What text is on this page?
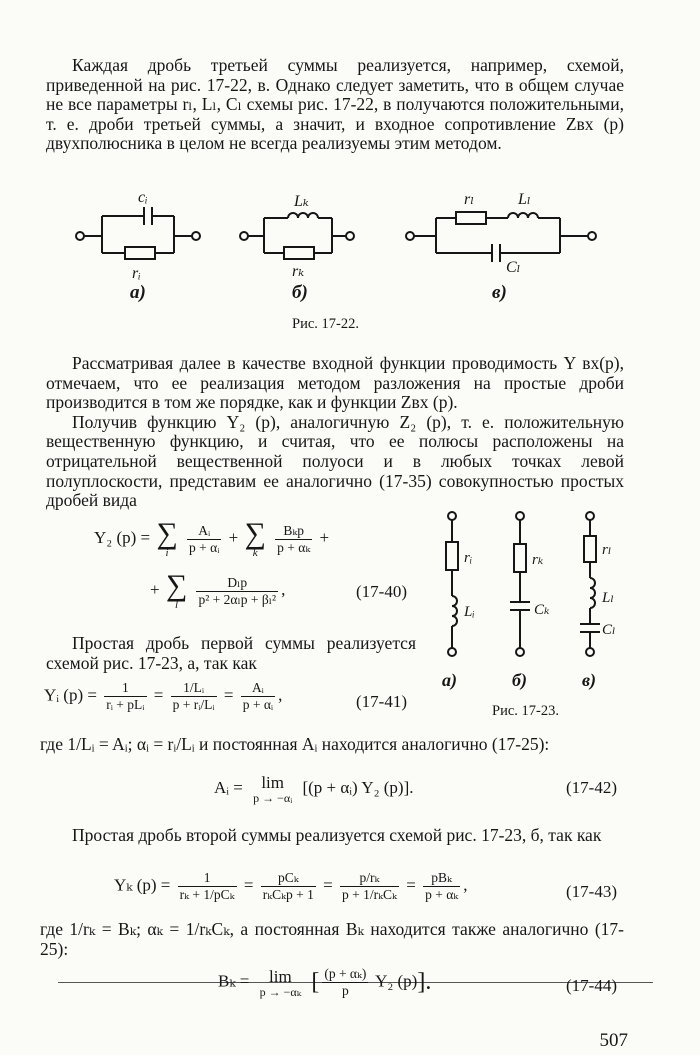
Каждая дробь третьей суммы реализуется, например, схемой, приведенной на рис. 17-22, в. Однако следует заметить, что в общем случае не все параметры rₗ, Lₗ, Cₗ схемы рис. 17-22, в получаются положительными, т. е. дроби третьей суммы, а значит, и входное сопротивление Zвх (p) двухполюсника в целом не всегда реализуемы этим методом.

cᵢ
rᵢ
Lₖ
rₖ
rₗ	Lₗ
Cₗ
а)	б)	в)
Рис. 17-22.

Рассматривая далее в качестве входной функции проводимость Y вх(p), отмечаем, что ее реализация методом разложения на простые дроби производится в том же порядке, как и функции Zвх (p).

Получив функцию Y₂ (p), аналогичную Z₂ (p), т. е. положительную вещественную функцию, и считая, что ее полюсы расположены на отрицательной вещественной полуоси и в любых точках левой полуплоскости, представим ее аналогично (17-35) совокупностью простых дробей вида

Y₂ (p) = ∑
i
	$\frac{\text{Aᵢ}}{\text{p + αᵢ}}$ + ∑
k
	$\frac{\text{Bₖp}}{\text{p + αₖ}}$ +
+ ∑
l
	$\frac{\text{Dₗp}}{\text{p² + 2αₗp + βₗ²}}$ ,	(17-40)
rᵢ
Lᵢ
rₖ
Cₖ
rₗ
Lₗ
Cₗ
а)	б)	в)
Рис. 17-23.

Простая дробь первой суммы реализуется схемой рис. 17-23, а, так как

Yᵢ $(p) = \frac{1}{\text{rᵢ + pLᵢ}} = \frac{\text{1/Lᵢ}}{\text{p + rᵢ/Lᵢ}} = \frac{\text{Aᵢ}}{\text{p + αᵢ}}$ ,	(17-41)

где 1/Lᵢ = Aᵢ; αᵢ = rᵢ/Lᵢ и постоянная Aᵢ находится аналогично (17-25):

Aᵢ =	lim
p → −αᵢ
[(p + αᵢ) Y₂ (p)].	(17-42)

Простая дробь второй суммы реализуется схемой рис. 17-23, б, так как

Yₖ $(p) = \frac{1}{\text{rₖ + 1/pCₖ}} = \frac{\text{pCₖ}}{\text{rₖCₖp + 1}} = \frac{\text{p/rₖ}}{\text{p + 1/rₖCₖ}} = \frac{\text{pBₖ}}{\text{p + αₖ}}$ ,	(17-43)

где 1/rₖ = Bₖ; αₖ = 1/rₖCₖ, а постоянная Bₖ находится также аналогично (17-25):

Bₖ =	lim
p → −αₖ [ $\frac{\text{(p + αₖ)}}{p} Y_2$ (p)].	(17-44)
507
